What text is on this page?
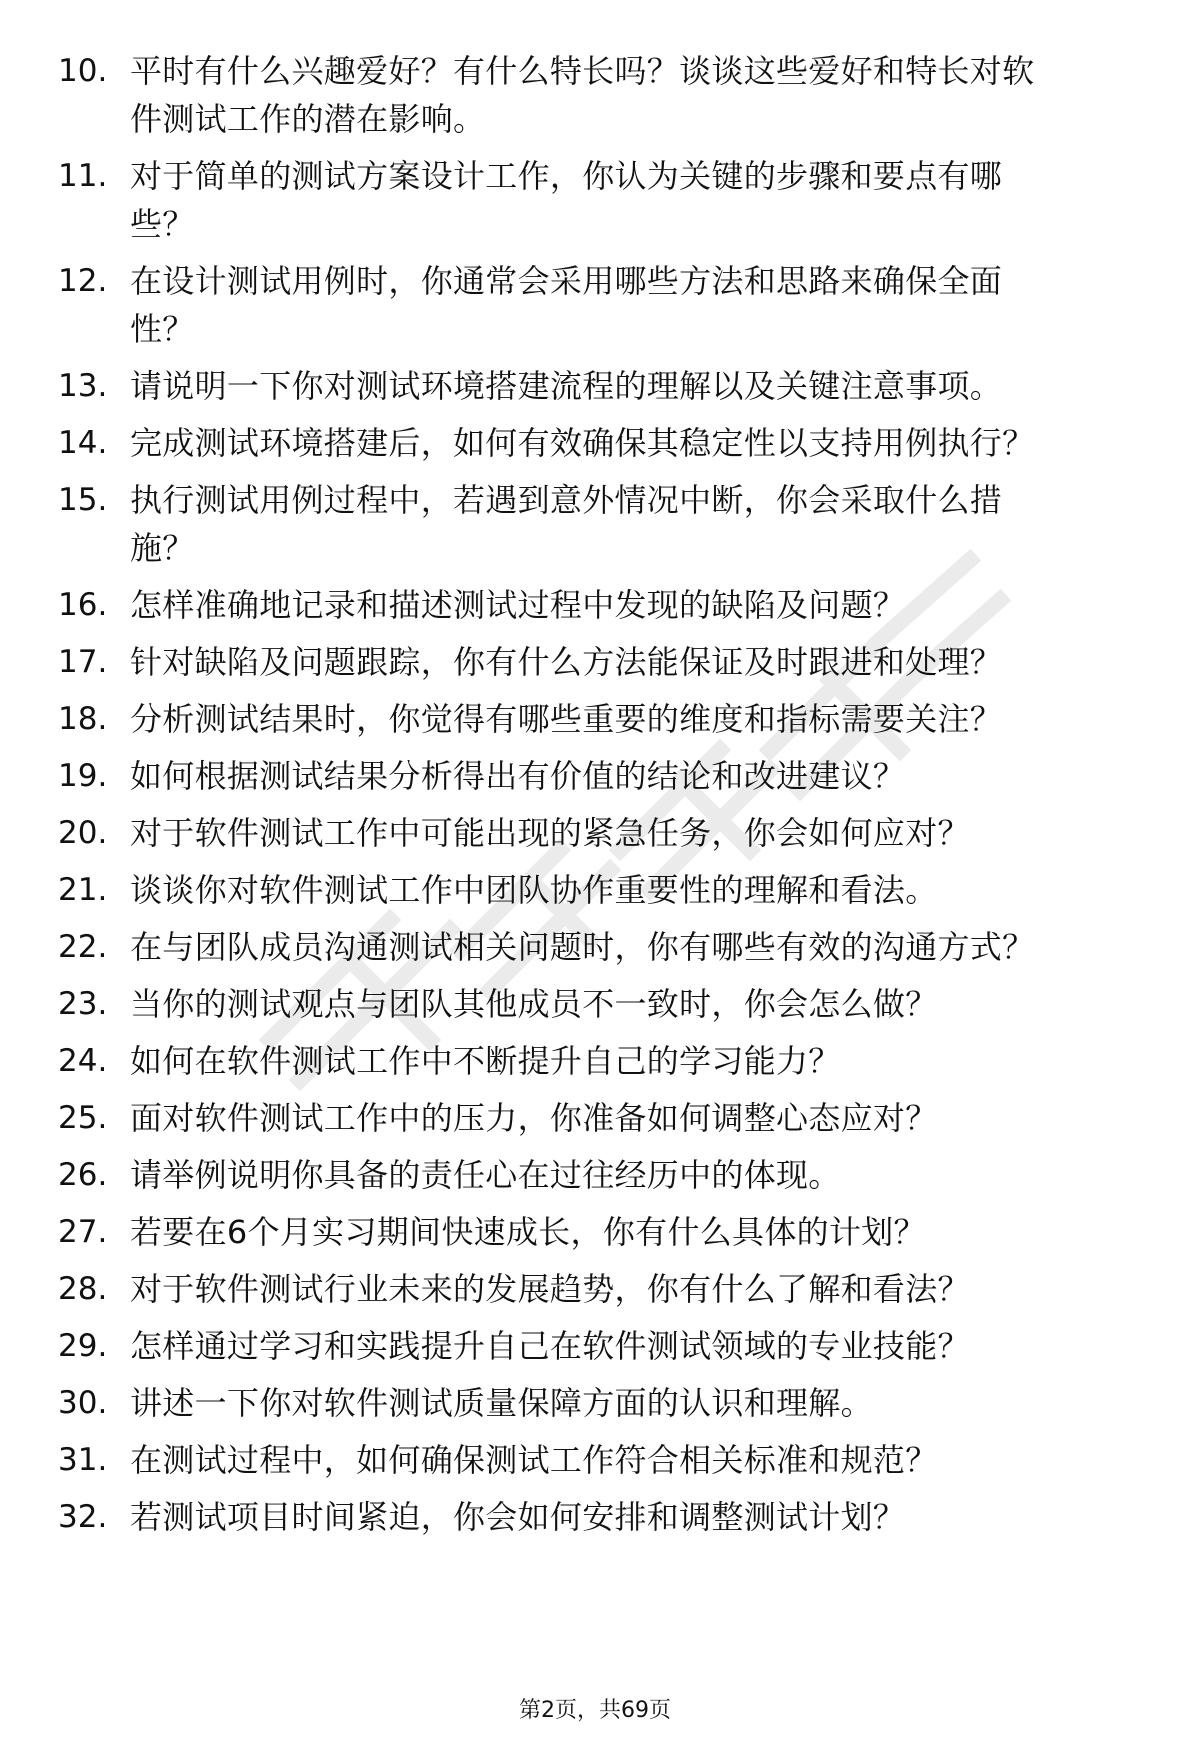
10. 平时有什么兴趣爱好？有什么特长吗？谈谈这些爱好和特长对软
件测试工作的潜在影响。
11. 对于简单的测试方案设计工作，你认为关键的步骤和要点有哪
些？
12. 在设计测试用例时，你通常会采用哪些方法和思路来确保全面
性？
13. 请说明一下你对测试环境搭建流程的理解以及关键注意事项。
14. 完成测试环境搭建后，如何有效确保其稳定性以支持用例执行？
15. 执行测试用例过程中，若遇到意外情况中断，你会采取什么措
施？
16. 怎样准确地记录和描述测试过程中发现的缺陷及问题？
17. 针对缺陷及问题跟踪，你有什么方法能保证及时跟进和处理？
18. 分析测试结果时，你觉得有哪些重要的维度和指标需要关注？
19. 如何根据测试结果分析得出有价值的结论和改进建议？
20. 对于软件测试工作中可能出现的紧急任务，你会如何应对？
21. 谈谈你对软件测试工作中团队协作重要性的理解和看法。
22. 在与团队成员沟通测试相关问题时，你有哪些有效的沟通方式？
23. 当你的测试观点与团队其他成员不一致时，你会怎么做？
24. 如何在软件测试工作中不断提升自己的学习能力？
25. 面对软件测试工作中的压力，你准备如何调整心态应对？
26. 请举例说明你具备的责任心在过往经历中的体现。
27. 若要在6个月实习期间快速成长，你有什么具体的计划？
28. 对于软件测试行业未来的发展趋势，你有什么了解和看法？
29. 怎样通过学习和实践提升自己在软件测试领域的专业技能？
30. 讲述一下你对软件测试质量保障方面的认识和理解。
31. 在测试过程中，如何确保测试工作符合相关标准和规范？
32. 若测试项目时间紧迫，你会如何安排和调整测试计划？
第2页，共69页
